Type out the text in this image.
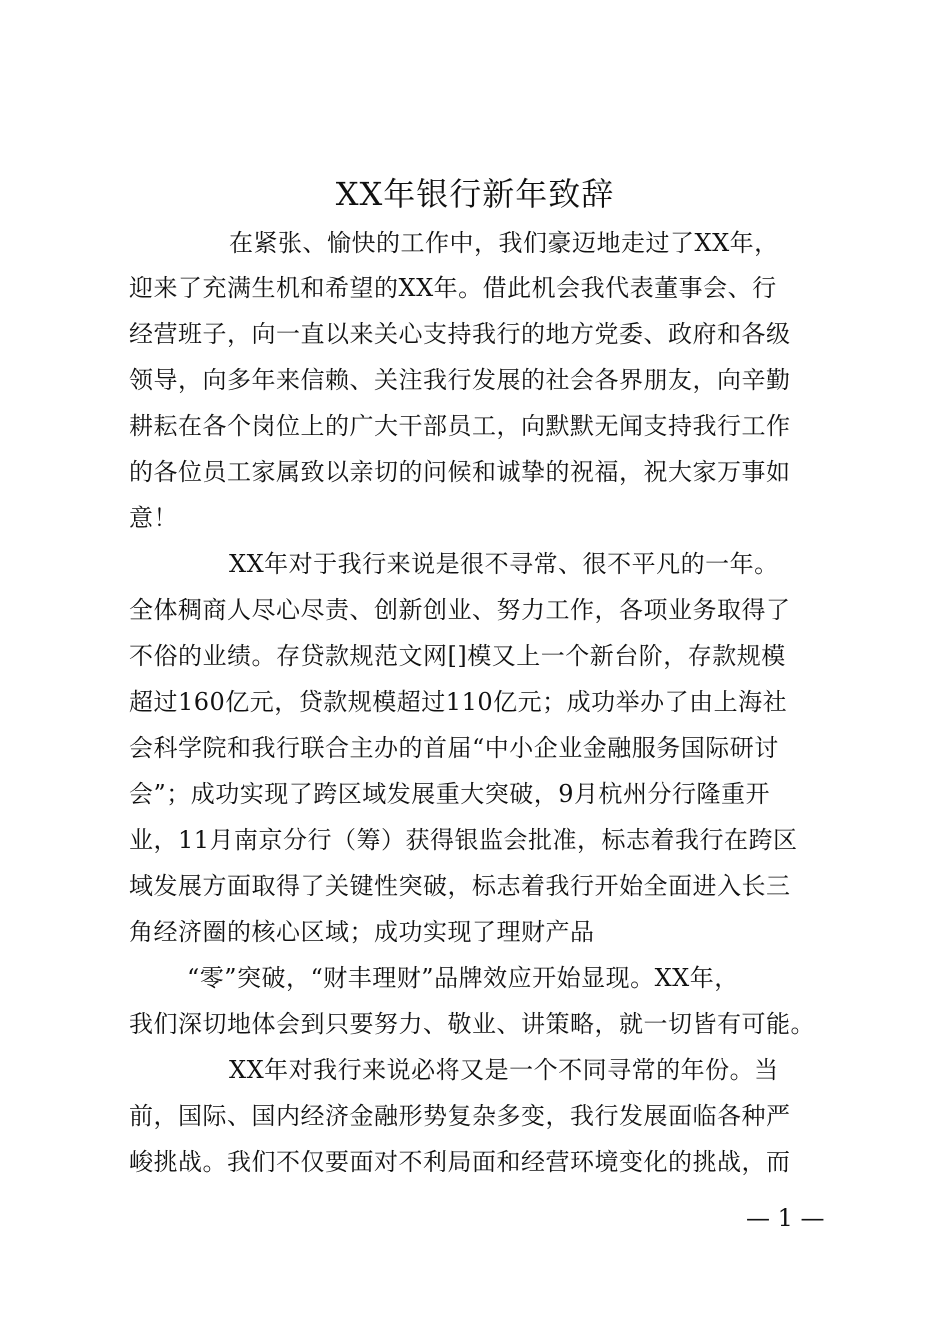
XX年银行新年致辞
在紧张、愉快的工作中，我们豪迈地走过了XX年，
迎来了充满生机和希望的XX年。借此机会我代表董事会、行
经营班子，向一直以来关心支持我行的地方党委、政府和各级
领导，向多年来信赖、关注我行发展的社会各界朋友，向辛勤
耕耘在各个岗位上的广大干部员工，向默默无闻支持我行工作
的各位员工家属致以亲切的问候和诚挚的祝福，祝大家万事如
意！
XX年对于我行来说是很不寻常、很不平凡的一年。
全体稠商人尽心尽责、创新创业、努力工作，各项业务取得了
不俗的业绩。存贷款规范文网[]模又上一个新台阶，存款规模
超过160亿元，贷款规模超过110亿元；成功举办了由上海社
会科学院和我行联合主办的首届“中小企业金融服务国际研讨
会”；成功实现了跨区域发展重大突破，9月杭州分行隆重开
业，11月南京分行（筹）获得银监会批准，标志着我行在跨区
域发展方面取得了关键性突破，标志着我行开始全面进入长三
角经济圈的核心区域；成功实现了理财产品
“零”突破，“财丰理财”品牌效应开始显现。XX年，
我们深切地体会到只要努力、敬业、讲策略，就一切皆有可能。
XX年对我行来说必将又是一个不同寻常的年份。当
前，国际、国内经济金融形势复杂多变，我行发展面临各种严
峻挑战。我们不仅要面对不利局面和经营环境变化的挑战，而
— 1 —
